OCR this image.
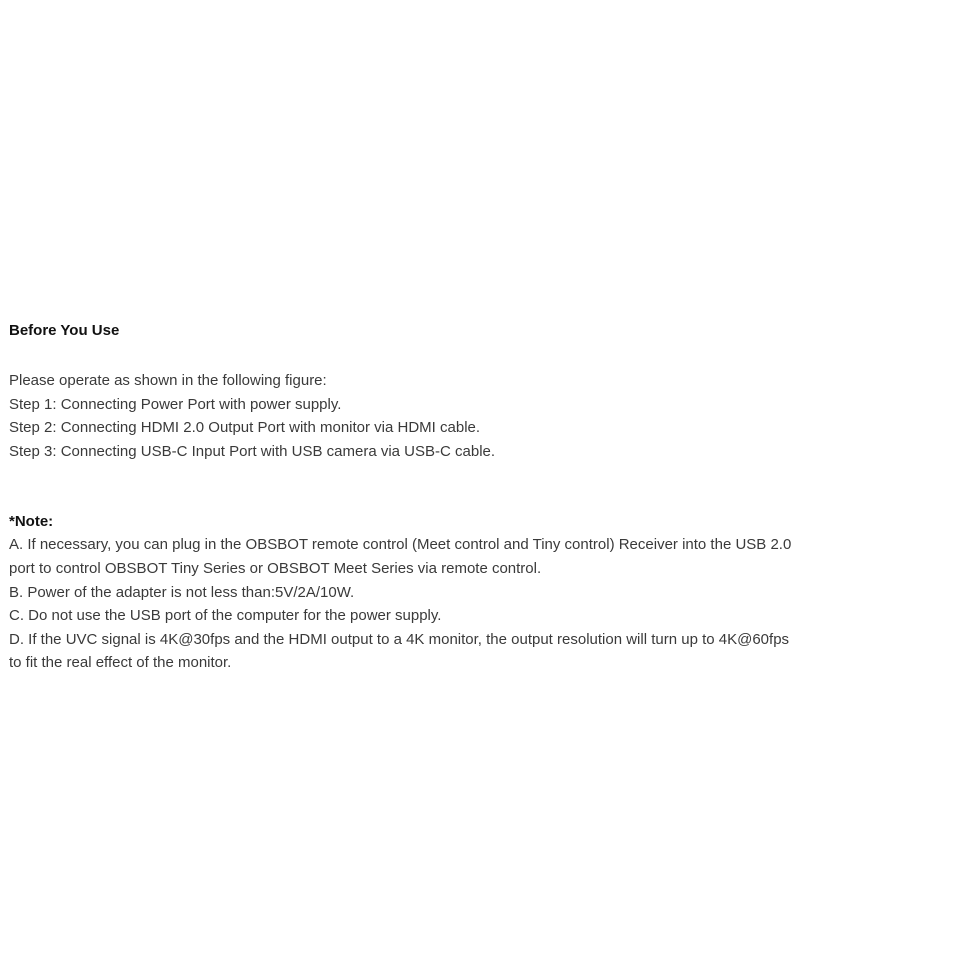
Before You Use

Please operate as shown in the following figure:

Step 1: Connecting Power Port with power supply.

Step 2: Connecting HDMI 2.0 Output Port with monitor via HDMI cable.

Step 3: Connecting USB-C Input Port with USB camera via USB-C cable.

*Note:

A. If necessary, you can plug in the OBSBOT remote control (Meet control and Tiny control) Receiver into the USB 2.0

port to control OBSBOT Tiny Series or OBSBOT Meet Series via remote control.

B. Power of the adapter is not less than:5V/2A/10W.

C. Do not use the USB port of the computer for the power supply.

D. If the UVC signal is 4K@30fps and the HDMI output to a 4K monitor, the output resolution will turn up to 4K@60fps

to fit the real effect of the monitor.
